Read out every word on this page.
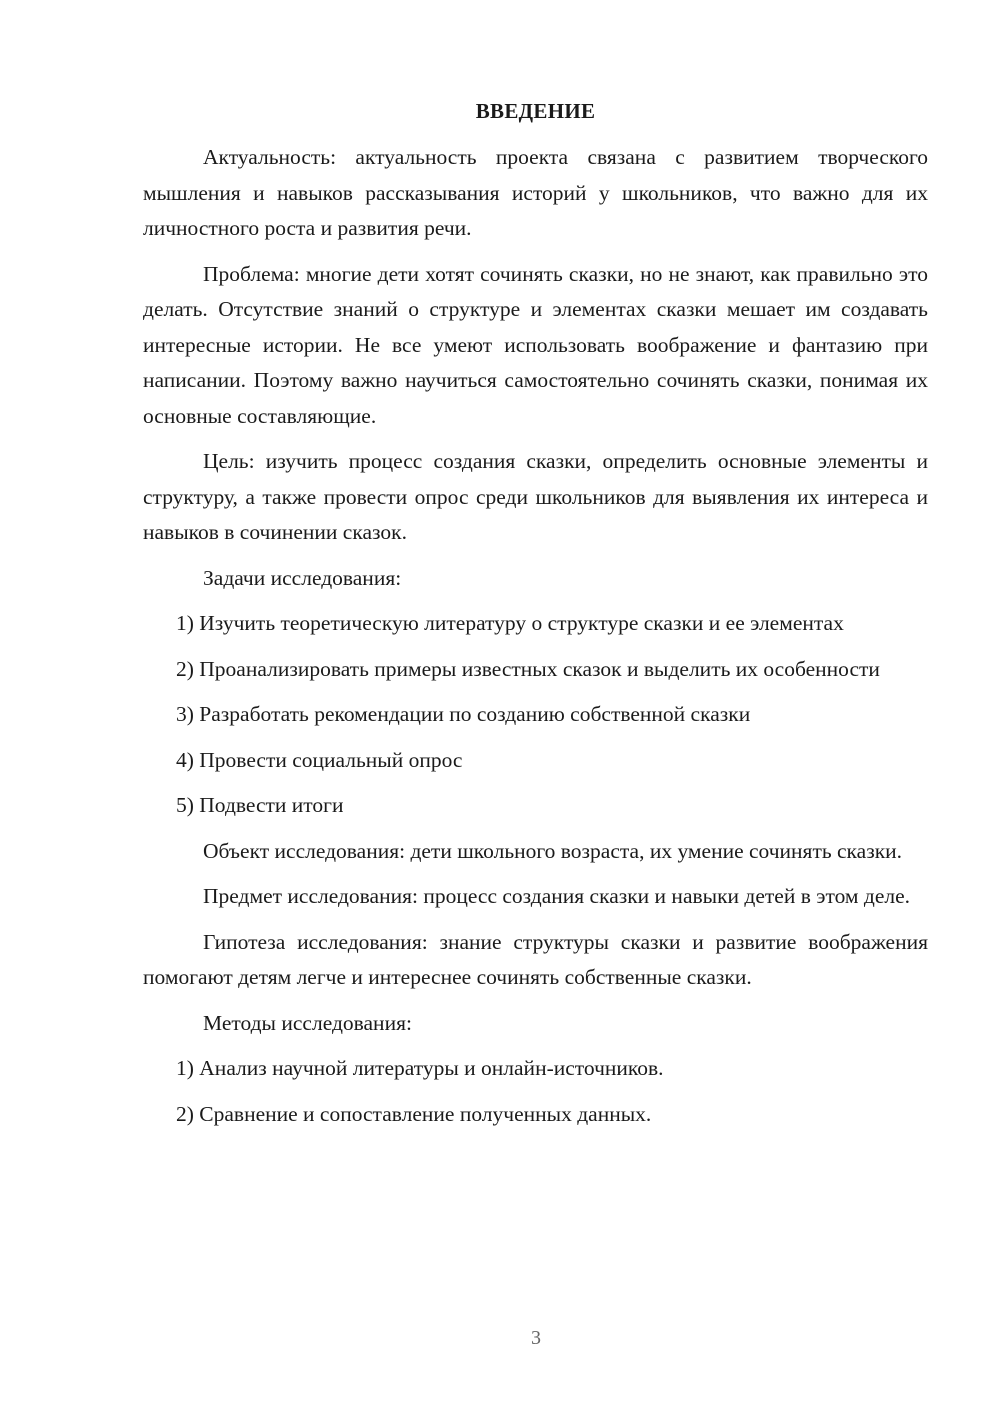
ВВЕДЕНИЕ

Актуальность: актуальность проекта связана с развитием творческого мышления и навыков рассказывания историй у школьников, что важно для их личностного роста и развития речи.

Проблема: многие дети хотят сочинять сказки, но не знают, как правильно это делать. Отсутствие знаний о структуре и элементах сказки мешает им создавать интересные истории. Не все умеют использовать воображение и фантазию при написании. Поэтому важно научиться самостоятельно сочинять сказки, понимая их основные составляющие.

Цель: изучить процесс создания сказки, определить основные элементы и структуру, а также провести опрос среди школьников для выявления их интереса и навыков в сочинении сказок.

Задачи исследования:

1) Изучить теоретическую литературу о структуре сказки и ее элементах

2) Проанализировать примеры известных сказок и выделить их особенности

3) Разработать рекомендации по созданию собственной сказки

4) Провести социальный опрос

5) Подвести итоги

Объект исследования: дети школьного возраста, их умение сочинять сказки.

Предмет исследования: процесс создания сказки и навыки детей в этом деле.

Гипотеза исследования: знание структуры сказки и развитие воображения помогают детям легче и интереснее сочинять собственные сказки.

Методы исследования:

1) Анализ научной литературы и онлайн-источников.

2) Сравнение и сопоставление полученных данных.

3
